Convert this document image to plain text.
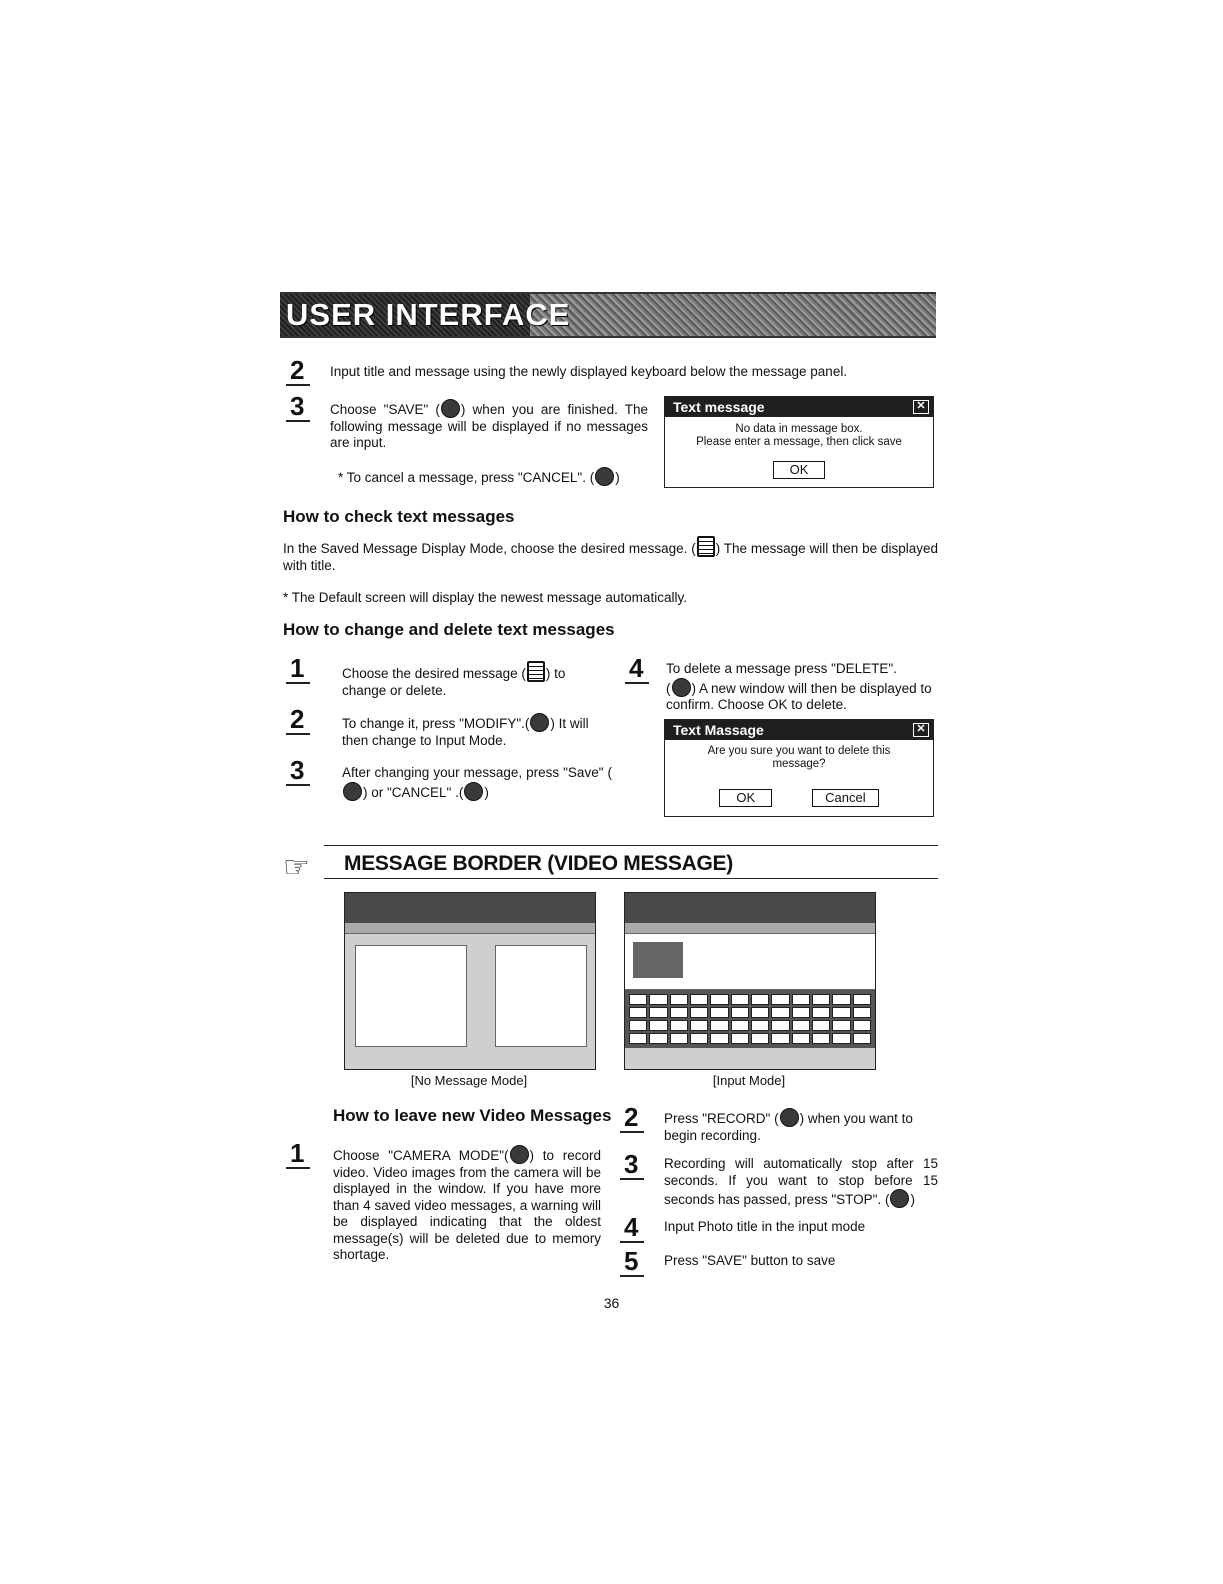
USER INTERFACE
2	Input title and message using the newly displayed keyboard below the message panel.
3	Choose "SAVE" ( ) when you are finished. The following message will be displayed if no messages are input.
* To cancel a message, press "CANCEL". ( )
Text message	✕
No data in message box.
Please enter a message, then click save
OK
How to check text messages
In the Saved Message Display Mode, choose the desired message. ( ) The message will then be displayed with title.
* The Default screen will display the newest message automatically.
How to change and delete text messages
1	Choose the desired message ( ) to change or delete.
2	To change it, press "MODIFY".( ) It will then change to Input Mode.
3	After changing your message, press "Save" () or "CANCEL" .( )
4	To delete a message press "DELETE".
( ) A new window will then be displayed to confirm. Choose OK to delete.
Text Massage	✕
Are you sure you want to delete this
message?
OK	Cancel
☞ MESSAGE BORDER (VIDEO MESSAGE)
[No Message Mode]	[Input Mode]
How to leave new Video Messages
1	Choose "CAMERA MODE"( ) to record video. Video images from the camera will be displayed in the window. If you have more than 4 saved video messages, a warning will be displayed indicating that the oldest message(s) will be deleted due to memory shortage.
2	Press "RECORD" ( ) when you want to begin recording.
3	Recording will automatically stop after 15 seconds. If you want to stop before 15 seconds has passed, press "STOP". ( )
4	Input Photo title in the input mode
5	Press "SAVE" button to save
36
